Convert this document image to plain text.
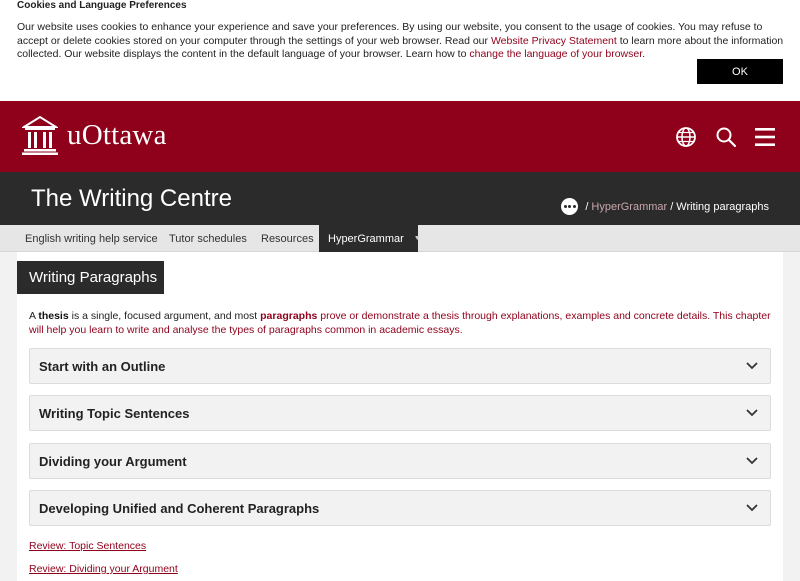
Cookies and Language Preferences
Our website uses cookies to enhance your experience and save your preferences. By using our website, you consent to the usage of cookies. You may refuse to accept or delete cookies stored on your computer through the settings of your web browser. Read our Website Privacy Statement to learn more about the information collected. Our website displays the content in the default language of your browser. Learn how to change the language of your browser.
OK
uOttawa
The Writing Centre	/ HyperGrammar / Writing paragraphs
English writing help service	Tutor schedules	Resources	HyperGrammar ▼
Writing Paragraphs
A thesis is a single, focused argument, and most paragraphs prove or demonstrate a thesis through explanations, examples and concrete details. This chapter will help you learn to write and analyse the types of paragraphs common in academic essays.
Start with an Outline
Writing Topic Sentences
Dividing your Argument
Developing Unified and Coherent Paragraphs
Review: Topic Sentences
Review: Dividing your Argument
